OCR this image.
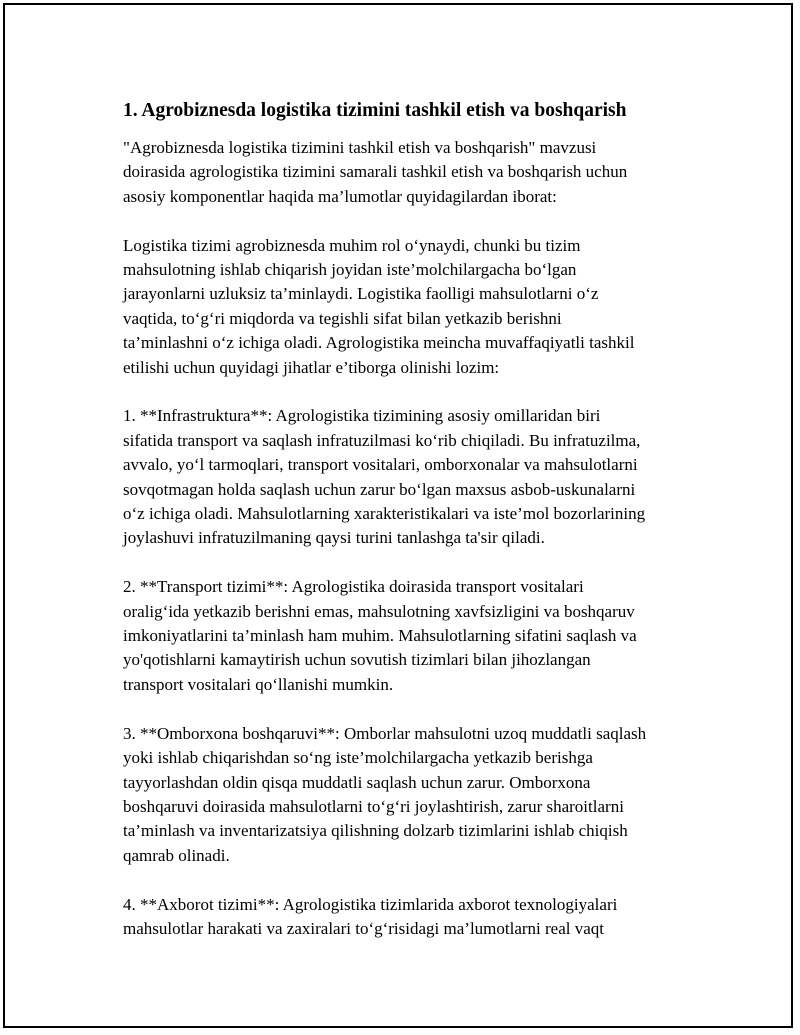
1. Agrobiznesda logistika tizimini tashkil etish va boshqarish

"Agrobiznesda logistika tizimini tashkil etish va boshqarish" mavzusi
doirasida agrologistika tizimini samarali tashkil etish va boshqarish uchun
asosiy komponentlar haqida ma’lumotlar quyidagilardan iborat:

Logistika tizimi agrobiznesda muhim rol o‘ynaydi, chunki bu tizim
mahsulotning ishlab chiqarish joyidan iste’molchilargacha bo‘lgan
jarayonlarni uzluksiz ta’minlaydi. Logistika faolligi mahsulotlarni o‘z
vaqtida, to‘g‘ri miqdorda va tegishli sifat bilan yetkazib berishni
ta’minlashni o‘z ichiga oladi. Agrologistika meincha muvaffaqiyatli tashkil
etilishi uchun quyidagi jihatlar e’tiborga olinishi lozim:

1. **Infrastruktura**: Agrologistika tizimining asosiy omillaridan biri
sifatida transport va saqlash infratuzilmasi ko‘rib chiqiladi. Bu infratuzilma,
avvalo, yo‘l tarmoqlari, transport vositalari, omborxonalar va mahsulotlarni
sovqotmagan holda saqlash uchun zarur bo‘lgan maxsus asbob-uskunalarni
o‘z ichiga oladi. Mahsulotlarning xarakteristikalari va iste’mol bozorlarining
joylashuvi infratuzilmaning qaysi turini tanlashga ta'sir qiladi.

2. **Transport tizimi**: Agrologistika doirasida transport vositalari
oralig‘ida yetkazib berishni emas, mahsulotning xavfsizligini va boshqaruv
imkoniyatlarini ta’minlash ham muhim. Mahsulotlarning sifatini saqlash va
yo'qotishlarni kamaytirish uchun sovutish tizimlari bilan jihozlangan
transport vositalari qo‘llanishi mumkin.

3. **Omborxona boshqaruvi**: Omborlar mahsulotni uzoq muddatli saqlash
yoki ishlab chiqarishdan so‘ng iste’molchilargacha yetkazib berishga
tayyorlashdan oldin qisqa muddatli saqlash uchun zarur. Omborxona
boshqaruvi doirasida mahsulotlarni to‘g‘ri joylashtirish, zarur sharoitlarni
ta’minlash va inventarizatsiya qilishning dolzarb tizimlarini ishlab chiqish
qamrab olinadi.

4. **Axborot tizimi**: Agrologistika tizimlarida axborot texnologiyalari
mahsulotlar harakati va zaxiralari to‘g‘risidagi ma’lumotlarni real vaqt
